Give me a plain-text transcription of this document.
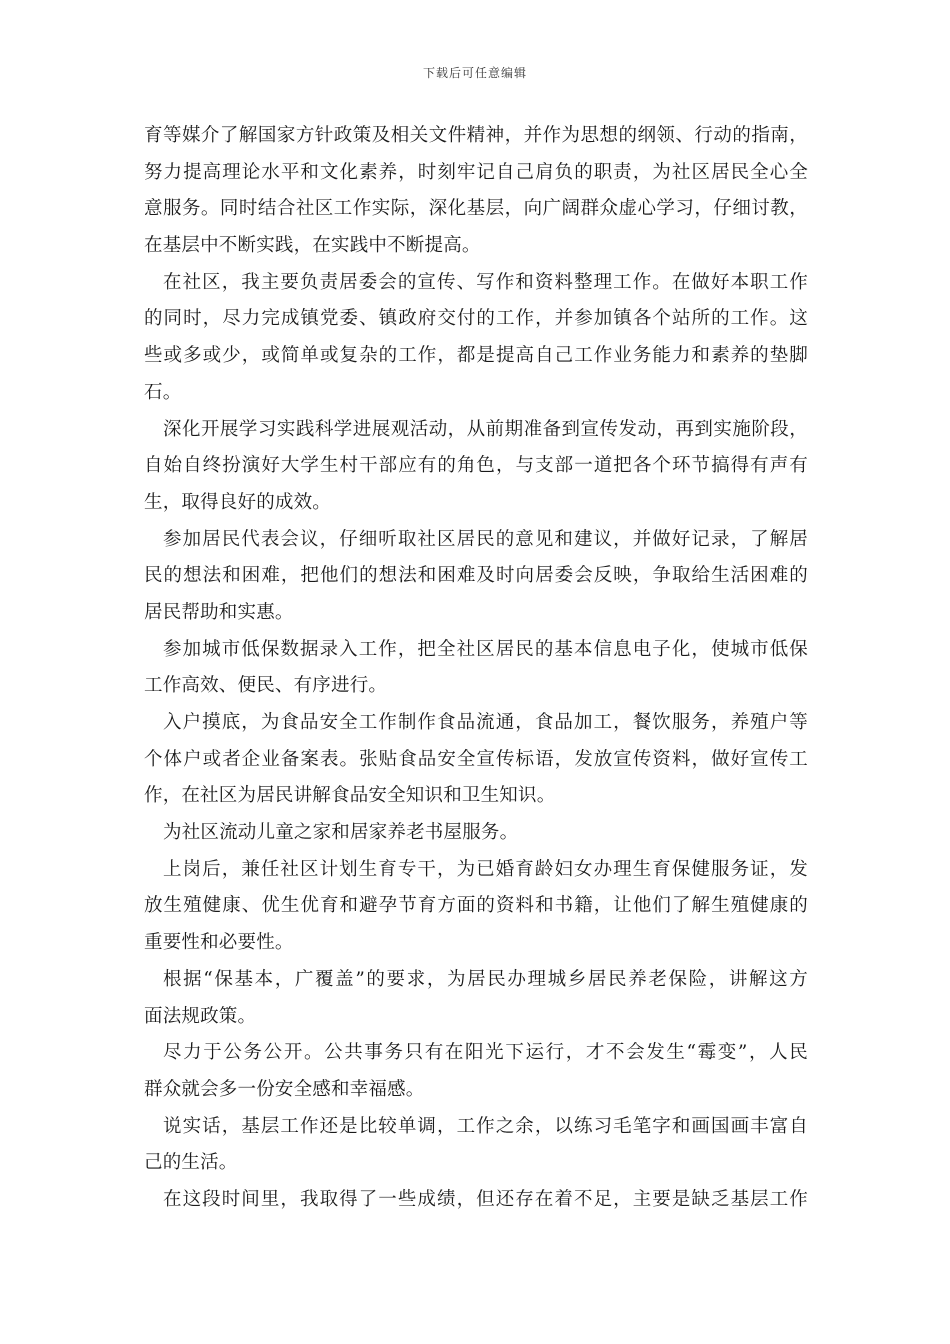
下载后可任意编辑
育等媒介了解国家方针政策及相关文件精神，并作为思想的纲领、行动的指南，
努力提高理论水平和文化素养，时刻牢记自己肩负的职责，为社区居民全心全
意服务。同时结合社区工作实际，深化基层，向广阔群众虚心学习，仔细讨教，
在基层中不断实践，在实践中不断提高。
在社区，我主要负责居委会的宣传、写作和资料整理工作。在做好本职工作
的同时，尽力完成镇党委、镇政府交付的工作，并参加镇各个站所的工作。这
些或多或少，或简单或复杂的工作，都是提高自己工作业务能力和素养的垫脚
石。
深化开展学习实践科学进展观活动，从前期准备到宣传发动，再到实施阶段，
自始自终扮演好大学生村干部应有的角色，与支部一道把各个环节搞得有声有
生，取得良好的成效。
参加居民代表会议，仔细听取社区居民的意见和建议，并做好记录，了解居
民的想法和困难，把他们的想法和困难及时向居委会反映，争取给生活困难的
居民帮助和实惠。
参加城市低保数据录入工作，把全社区居民的基本信息电子化，使城市低保
工作高效、便民、有序进行。
入户摸底，为食品安全工作制作食品流通，食品加工，餐饮服务，养殖户等
个体户或者企业备案表。张贴食品安全宣传标语，发放宣传资料，做好宣传工
作，在社区为居民讲解食品安全知识和卫生知识。
为社区流动儿童之家和居家养老书屋服务。
上岗后，兼任社区计划生育专干，为已婚育龄妇女办理生育保健服务证，发
放生殖健康、优生优育和避孕节育方面的资料和书籍，让他们了解生殖健康的
重要性和必要性。
根据“保基本，广覆盖”的要求，为居民办理城乡居民养老保险，讲解这方
面法规政策。
尽力于公务公开。公共事务只有在阳光下运行，才不会发生“霉变”，人民
群众就会多一份安全感和幸福感。
说实话，基层工作还是比较单调，工作之余，以练习毛笔字和画国画丰富自
己的生活。
在这段时间里，我取得了一些成绩，但还存在着不足，主要是缺乏基层工作
